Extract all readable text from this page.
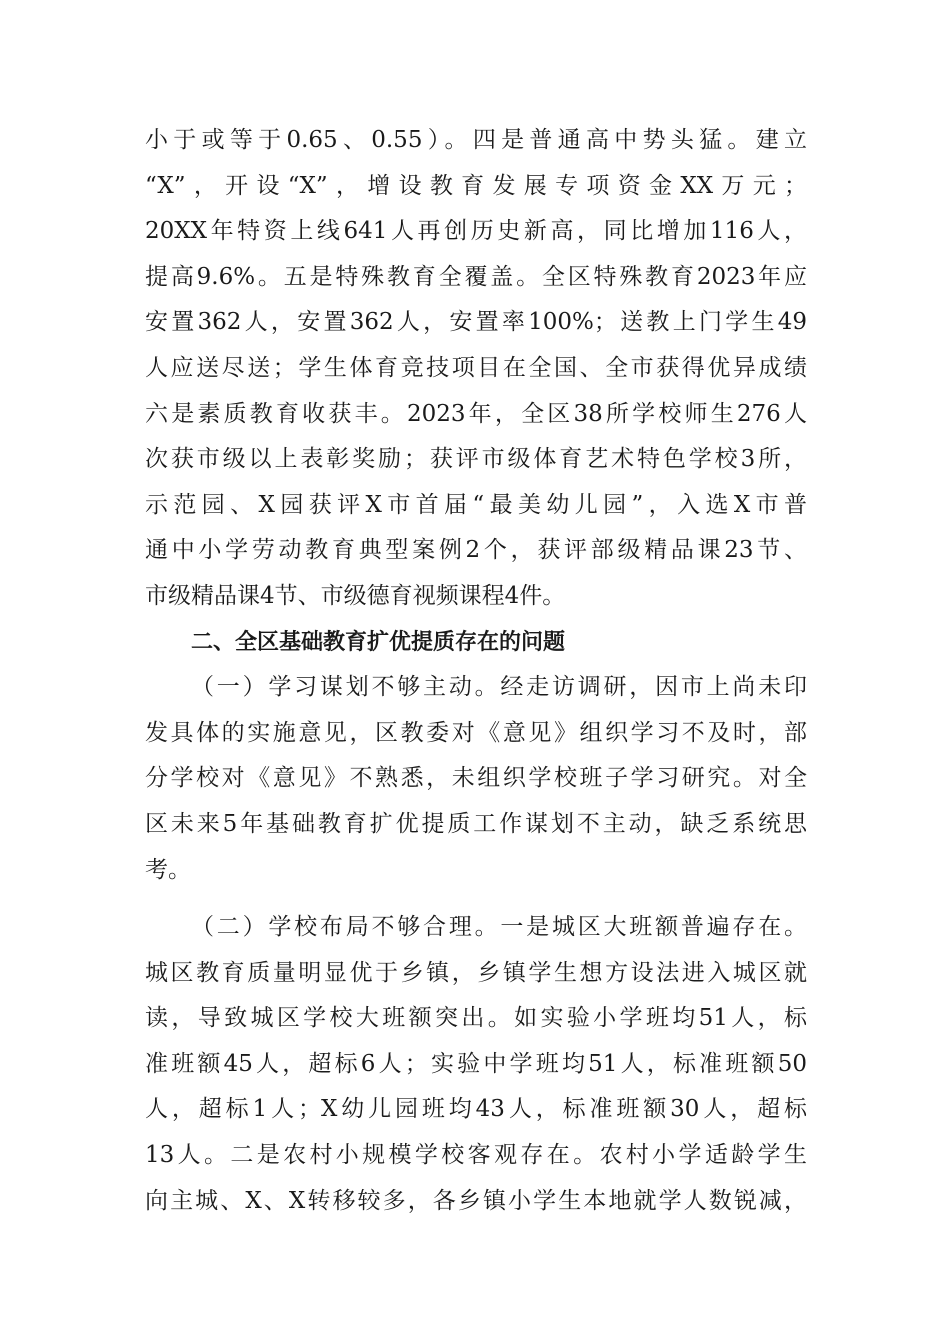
小于或等于0.65、0.55）。四是普通高中势头猛。建立
“X”，开设“X”，增设教育发展专项资金XX万元；
20XX年特资上线641人再创历史新高，同比增加116人，
提高9.6%。五是特殊教育全覆盖。全区特殊教育2023年应
安置362人，安置362人，安置率100%；送教上门学生49
人应送尽送；学生体育竞技项目在全国、全市获得优异成绩
六是素质教育收获丰。2023年，全区38所学校师生276人
次获市级以上表彰奖励；获评市级体育艺术特色学校3所，
示范园、X园获评X市首届“最美幼儿园”，入选X市普
通中小学劳动教育典型案例2个，获评部级精品课23节、
市级精品课4节、市级德育视频课程4件。
二、全区基础教育扩优提质存在的问题
（一）学习谋划不够主动。经走访调研，因市上尚未印
发具体的实施意见，区教委对《意见》组织学习不及时，部
分学校对《意见》不熟悉，未组织学校班子学习研究。对全
区未来5年基础教育扩优提质工作谋划不主动，缺乏系统思
考。
（二）学校布局不够合理。一是城区大班额普遍存在。
城区教育质量明显优于乡镇，乡镇学生想方设法进入城区就
读，导致城区学校大班额突出。如实验小学班均51人，标
准班额45人，超标6人；实验中学班均51人，标准班额50
人，超标1人；X幼儿园班均43人，标准班额30人，超标
13人。二是农村小规模学校客观存在。农村小学适龄学生
向主城、X、X转移较多，各乡镇小学生本地就学人数锐减，
